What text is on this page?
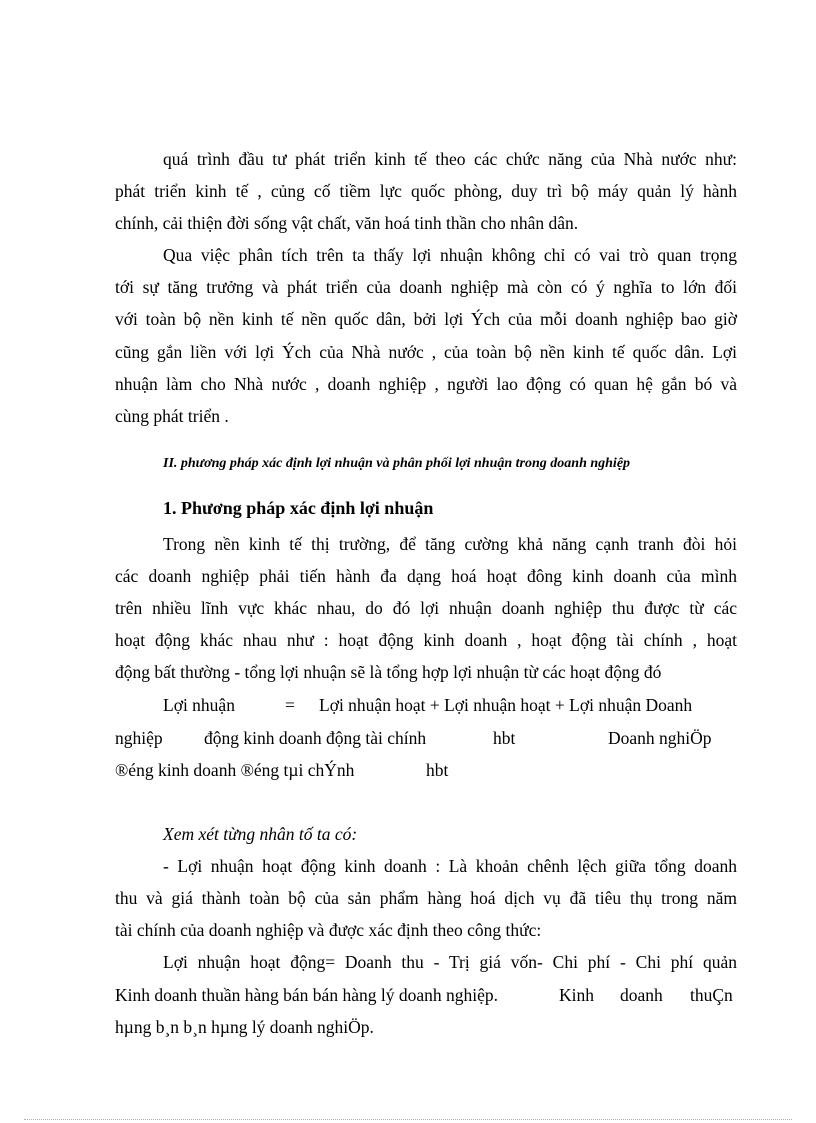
quá trình đầu tư phát triển kinh tế theo các chức năng của Nhà nước như:
phát triển kinh tế , củng cố tiềm lực quốc phòng, duy trì bộ máy quản lý hành
chính, cải thiện đời sống vật chất, văn hoá tinh thần cho nhân dân.
Qua việc phân tích trên ta thấy lợi nhuận không chỉ có vai trò quan trọng
tới sự tăng trưởng và phát triển của doanh nghiệp mà còn có ý nghĩa to lớn đối
với toàn bộ nền kinh tế nền quốc dân, bởi lợi Ých của mỗi doanh nghiệp bao giờ
cũng gắn liền với lợi Ých của Nhà nước , của toàn bộ nền kinh tế quốc dân. Lợi
nhuận làm cho Nhà nước , doanh nghiệp , người lao động có quan hệ gắn bó và
cùng phát triển .
II. phương pháp xác định lợi nhuận và phân phối lợi nhuận trong doanh nghiệp
1. Phương pháp xác định lợi nhuận
Trong nền kinh tế thị trường, để tăng cường khả năng cạnh tranh đòi hỏi
các doanh nghiệp phải tiến hành đa dạng hoá hoạt đông kinh doanh của mình
trên nhiều lĩnh vực khác nhau, do đó lợi nhuận doanh nghiệp thu được từ các
hoạt động khác nhau như : hoạt động kinh doanh , hoạt động tài chính , hoạt
động bất thường - tổng lợi nhuận sẽ là tổng hợp lợi nhuận từ các hoạt động đó
Lợi nhuận	= Lợi nhuận hoạt + Lợi nhuận hoạt + Lợi nhuận Doanh
nghiệp động kinh doanh động tài chính	hbt	Doanh nghiÖp
®éng kinh doanh ®éng tµi chÝnh	hbt
Xem xét từng nhân tố ta có:
- Lợi nhuận hoạt động kinh doanh : Là khoản chênh lệch giữa tổng doanh
thu và giá thành toàn bộ của sản phẩm hàng hoá dịch vụ đã tiêu thụ trong năm
tài chính của doanh nghiệp và được xác định theo công thức:
Lợi nhuận hoạt động= Doanh thu - Trị giá vốn- Chi phí - Chi phí quản
Kinh doanh thuần hàng bán bán hàng lý doanh nghiệp.	Kinh doanh thuÇn
hµng b¸n b¸n hµng lý doanh nghiÖp.
